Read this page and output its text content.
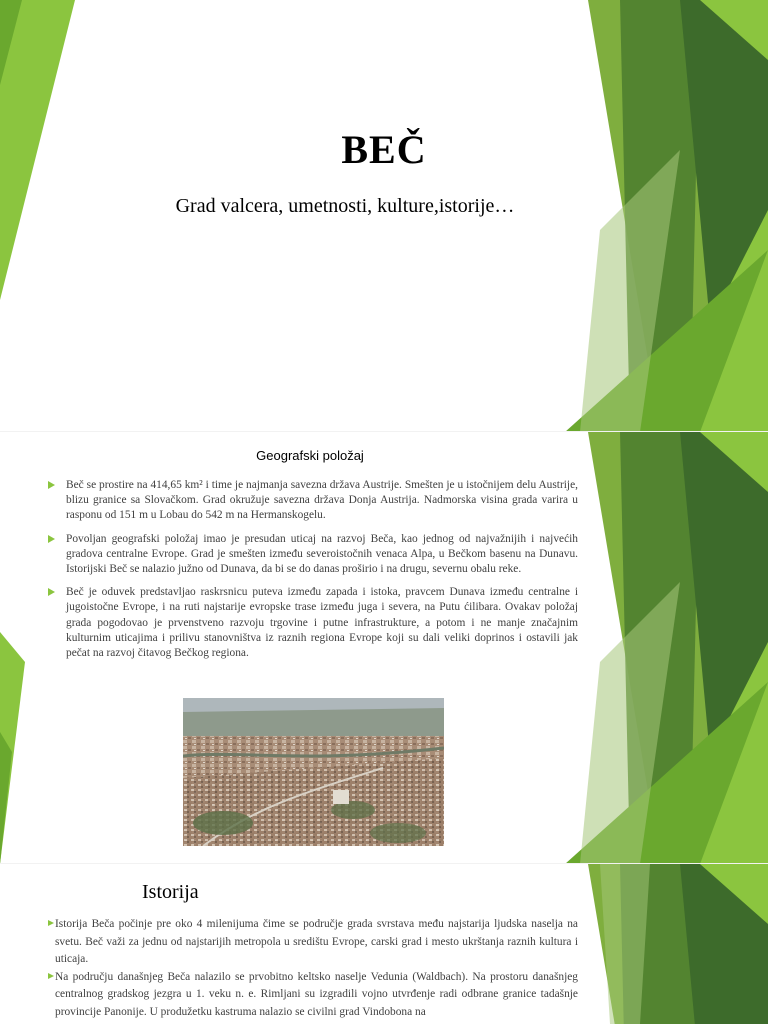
BEČ
Grad valcera, umetnosti, kulture,istorije…
Geografski položaj
Beč se prostire na 414,65 km² i time je najmanja savezna država Austrije. Smešten je u istočnijem delu Austrije, blizu granice sa Slovačkom. Grad okružuje savezna država Donja Austrija. Nadmorska visina grada varira u rasponu od 151 m u Lobau do 542 m na Hermanskogelu.
Povoljan geografski položaj imao je presudan uticaj na razvoj Beča, kao jednog od najvažnijih i najvećih gradova centralne Evrope. Grad je smešten između severoistočnih venaca Alpa, u Bečkom basenu na Dunavu. Istorijski Beč se nalazio južno od Dunava, da bi se do danas proširio i na drugu, severnu obalu reke.
Beč je oduvek predstavljao raskrsnicu puteva između zapada i istoka, pravcem Dunava između centralne i jugoistočne Evrope, i na ruti najstarije evropske trase između juga i severa, na Putu ćilibara. Ovakav položaj grada pogodovao je prvenstveno razvoju trgovine i putne infrastrukture, a potom i ne manje značajnim kulturnim uticajima i prilivu stanovništva iz raznih regiona Evrope koji su dali veliki doprinos i ostavili jak pečat na razvoj čitavog Bečkog regiona.
Istorija

Istorija Beča počinje pre oko 4 milenijuma čime se područje grada svrstava među najstarija ljudska naselja na svetu. Beč važi za jednu od najstarijih metropola u središtu Evrope, carski grad i mesto ukrštanja raznih kultura i uticaja.

Na području današnjeg Beča nalazilo se prvobitno keltsko naselje Vedunia (Waldbach). Na prostoru današnjeg centralnog gradskog jezgra u 1. veku n. e. Rimljani su izgradili vojno utvrđenje radi odbrane granice tadašnje provincije Panonije. U produžetku kastruma nalazio se civilni grad Vindobona na
